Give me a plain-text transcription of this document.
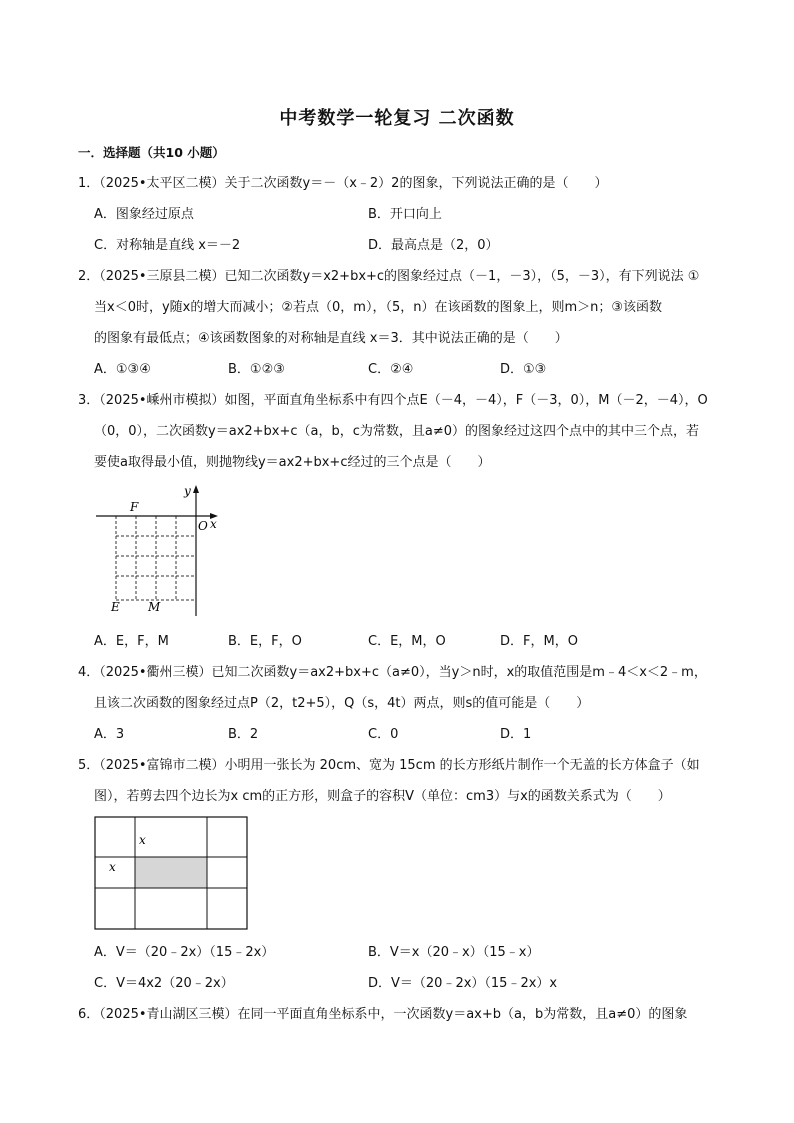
中考数学一轮复习 二次函数
一．选择题（共10 小题）
1．（2025•太平区二模）关于二次函数y＝－（x﹣2）2的图象，下列说法正确的是（　　）
A．图象经过原点	B．开口向上
C．对称轴是直线 x＝－2	D．最高点是（2，0）
2．（2025•三原县二模）已知二次函数y＝x2+bx+c的图象经过点（－1，－3），（5，－3），有下列说法 ①
当x＜0时，y随x的增大而减小；②若点（0，m），（5，n）在该函数的图象上，则m＞n；③该函数
的图象有最低点；④该函数图象的对称轴是直线 x＝3．其中说法正确的是（　　）
A．①③④	B．①②③	C．②④	D．①③
3．（2025•嵊州市模拟）如图，平面直角坐标系中有四个点E（－4，－4），F（－3，0），M（－2，－4），O
（0，0），二次函数y＝ax2+bx+c（a，b，c为常数，且a≠0）的图象经过这四个点中的其中三个点，若
要使a取得最小值，则抛物线y＝ax2+bx+c经过的三个点是（　　）
y
x
O
F
E M
A．E，F，M	B．E，F，O	C．E，M，O	D．F，M，O
4．（2025•衢州三模）已知二次函数y＝ax2+bx+c（a≠0），当y＞n时，x的取值范围是m﹣4＜x＜2﹣m，
且该二次函数的图象经过点P（2，t2+5），Q（s，4t）两点，则s的值可能是（　　）
A．3	B．2	C．0	D．1
5．（2025•富锦市二模）小明用一张长为 20cm、宽为 15cm 的长方形纸片制作一个无盖的长方体盒子（如
图），若剪去四个边长为x cm的正方形，则盒子的容积V（单位：cm3）与x的函数关系式为（　　）
x
x
A．V＝（20﹣2x）（15﹣2x）	B．V＝x（20﹣x）（15﹣x）
C．V＝4x2（20﹣2x）	D．V＝（20﹣2x）（15﹣2x）x
6．（2025•青山湖区三模）在同一平面直角坐标系中，一次函数y＝ax+b（a，b为常数，且a≠0）的图象
